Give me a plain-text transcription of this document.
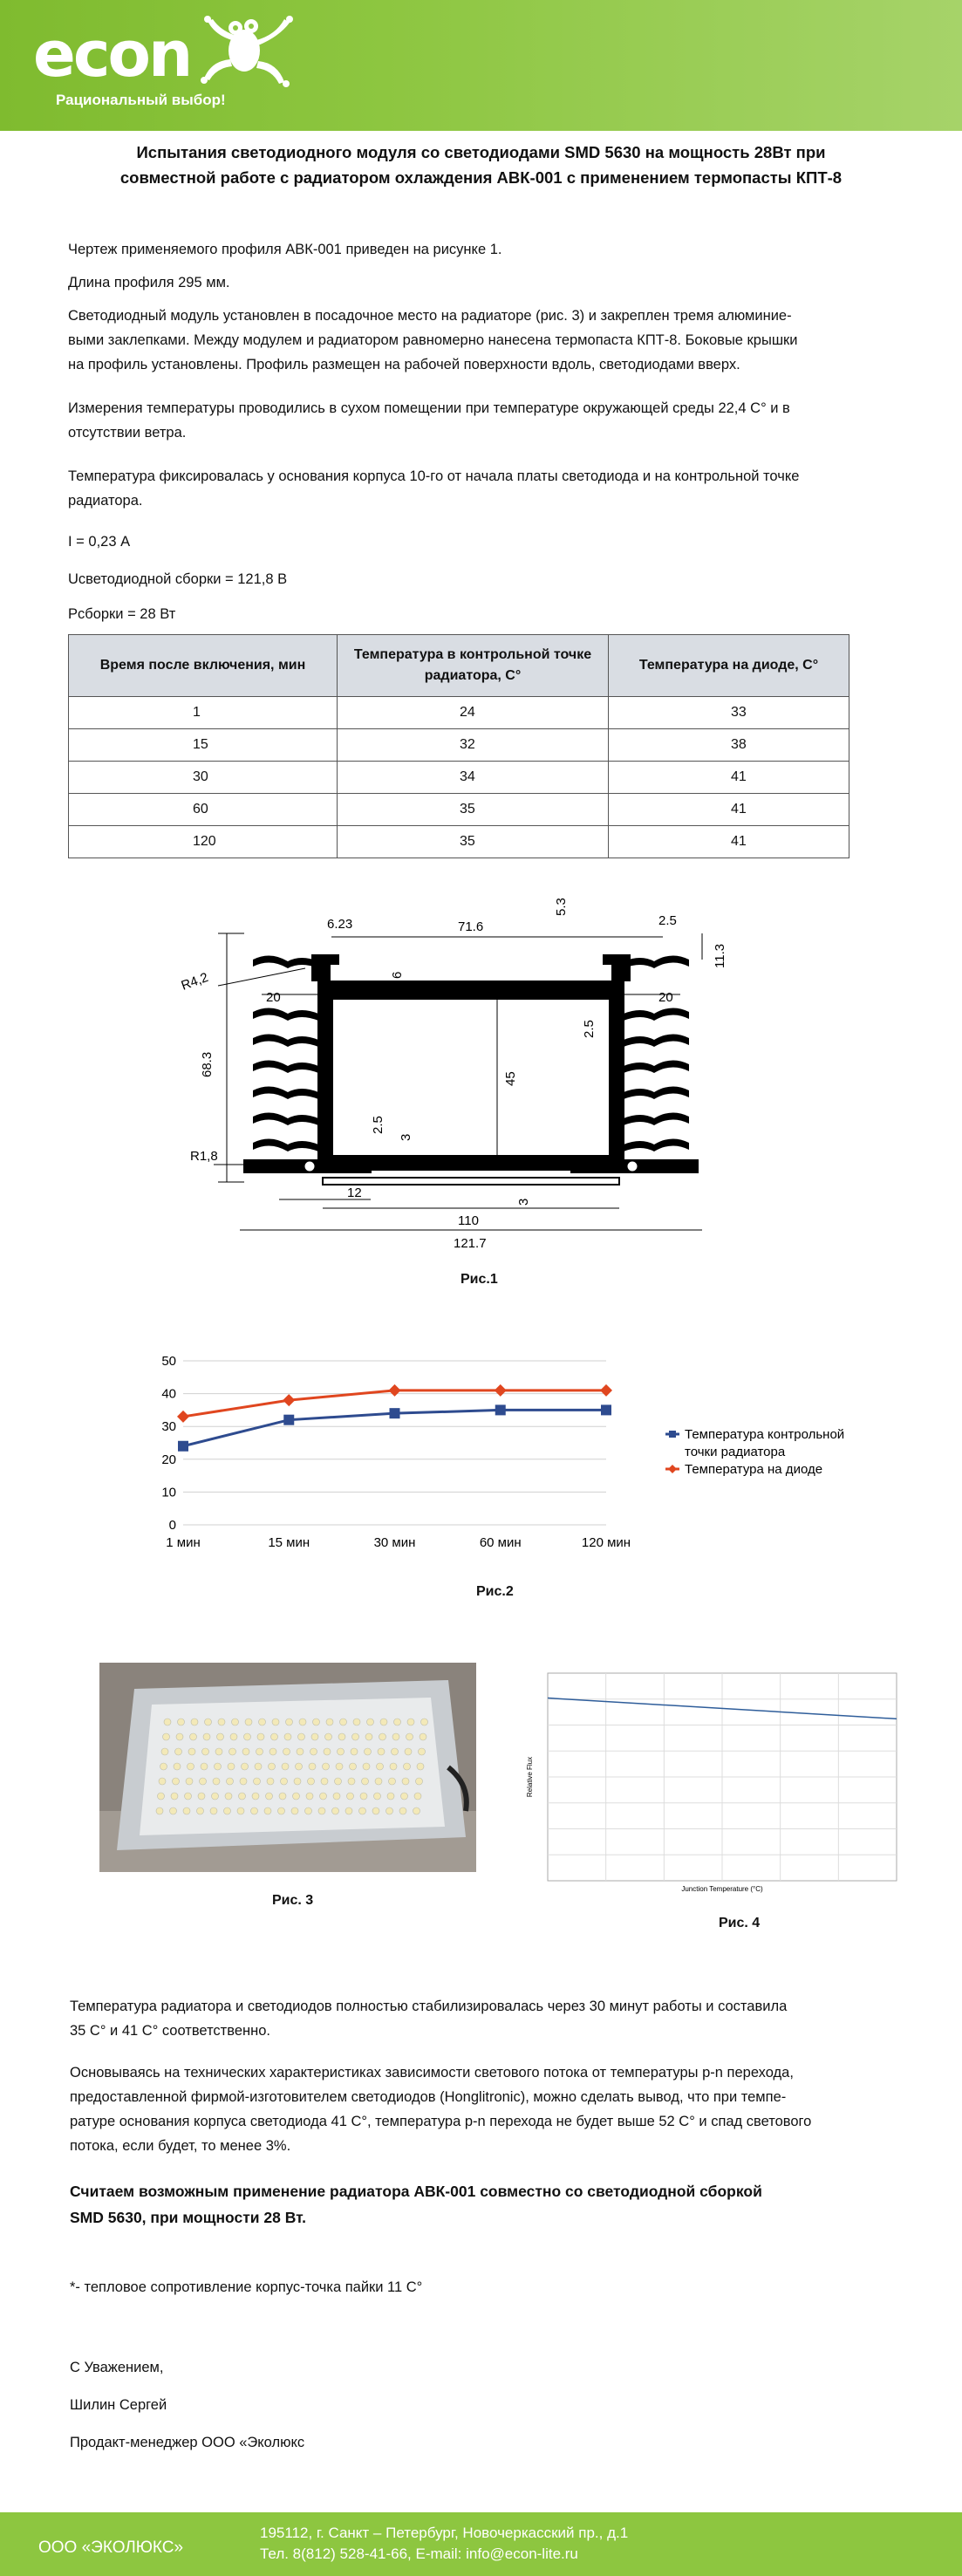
econ
Рациональный выбор!
Испытания светодиодного модуля со светодиодами SMD 5630 на мощность 28Вт при
совместной работе с радиатором охлаждения АВК-001 с применением термопасты КПТ-8
Чертеж применяемого профиля АВК-001 приведен на рисунке 1.
Длина профиля 295 мм.
Светодиодный модуль установлен в посадочное место на радиаторе (рис. 3) и закреплен тремя алюминие-
выми заклепками. Между модулем и радиатором равномерно нанесена термопаста КПТ-8. Боковые крышки
на профиль установлены. Профиль размещен на рабочей поверхности вдоль, светодиодами вверх.
Измерения температуры проводились в сухом помещении при температуре окружающей среды 22,4 С° и в
отсутствии ветра.
Температура фиксировалась у основания корпуса 10-го от начала платы светодиода и на контрольной точке
радиатора.
I = 0,23 А
Uсветодиодной сборки = 121,8 В
Рсборки = 28 Вт
Время после включения, мин	Температура в контрольной точке радиатора, С°	Температура на диоде, С°
1	24	33
15	32	38
30	34	41
60	35	41
120	35	41
6.23	71.6
5.3
2.5
11.3
R4,2	6
20	20
2.5
68.3
45
2.5
3
R1,8
12
3
110
121.7
Рис.1
0
10
20
30
40
50
1 мин	15 мин	30 мин	60 мин	120 мин
Температура контрольной точки радиатора
Температура на диоде
Рис.2
Рис. 3
Junction Temperature (°C)
Relative Flux
Рис. 4
Температура радиатора и светодиодов полностью стабилизировалась через 30 минут работы и составила
35 С° и 41 С° соответственно.
Основываясь на технических характеристиках зависимости светового потока от температуры p-n перехода,
предоставленной фирмой-изготовителем светодиодов (Honglitronic), можно сделать вывод, что при темпе-
ратуре основания корпуса светодиода 41 С°, температура p-n перехода не будет выше 52 С° и спад светового
потока, если будет, то менее 3%.
Считаем возможным применение радиатора АВК-001 совместно со светодиодной сборкой
SMD 5630, при мощности 28 Вт.
*- тепловое сопротивление корпус-точка пайки 11 С°
С Уважением,
Шилин Сергей
Продакт-менеджер ООО «Эколюкс
ООО «ЭКОЛЮКС»
195112, г. Санкт – Петербург, Новочеркасский пр., д.1
Тел. 8(812) 528-41-66, E-mail: info@econ-lite.ru
